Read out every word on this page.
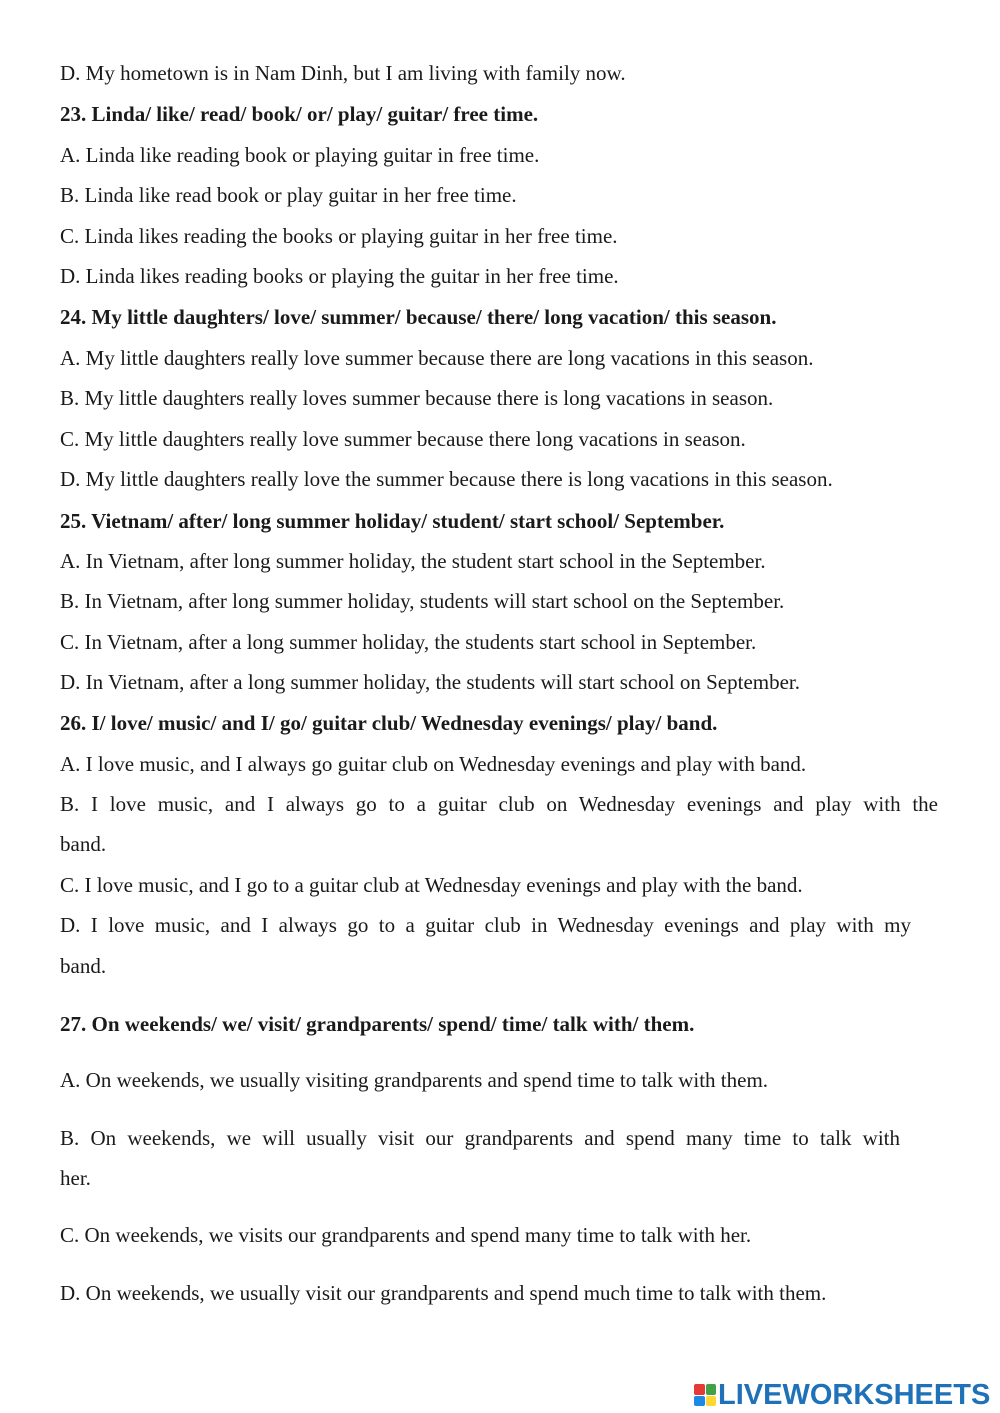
D. My hometown is in Nam Dinh, but I am living with family now.
23. Linda/ like/ read/ book/ or/ play/ guitar/ free time.
A. Linda like reading book or playing guitar in free time.
B. Linda like read book or play guitar in her free time.
C. Linda likes reading the books or playing guitar in her free time.
D. Linda likes reading books or playing the guitar in her free time.
24. My little daughters/ love/ summer/ because/ there/ long vacation/ this season.
A. My little daughters really love summer because there are long vacations in this season.
B. My little daughters really loves summer because there is long vacations in season.
C. My little daughters really love summer because there long vacations in season.
D. My little daughters really love the summer because there is long vacations in this season.
25. Vietnam/ after/ long summer holiday/ student/ start school/ September.
A. In Vietnam, after long summer holiday, the student start school in the September.
B. In Vietnam, after long summer holiday, students will start school on the September.
C. In Vietnam, after a long summer holiday, the students start school in September.
D. In Vietnam, after a long summer holiday, the students will start school on September.
26. I/ love/ music/ and I/ go/ guitar club/ Wednesday evenings/ play/ band.
A. I love music, and I always go guitar club on Wednesday evenings and play with band.
B. I love music, and I always go to a guitar club on Wednesday evenings and play with the
band.
C. I love music, and I go to a guitar club at Wednesday evenings and play with the band.
D. I love music, and I always go to a guitar club in Wednesday evenings and play with my
band.
27. On weekends/ we/ visit/ grandparents/ spend/ time/ talk with/ them.
A. On weekends, we usually visiting grandparents and spend time to talk with them.
B. On weekends, we will usually visit our grandparents and spend many time to talk with
her.
C. On weekends, we visits our grandparents and spend many time to talk with her.
D. On weekends, we usually visit our grandparents and spend much time to talk with them.
LIVEWORKSHEETS
